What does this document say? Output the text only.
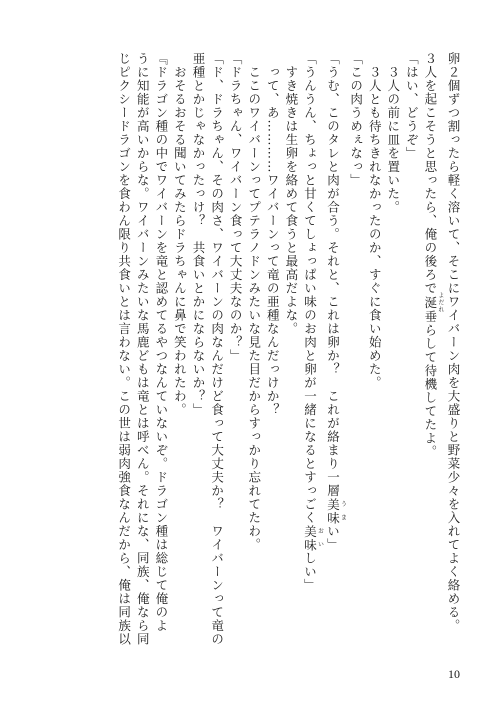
卵２個ずつ割ったら軽く溶いて、そこにワイバーン肉を大盛りと野菜少々を入れてよく絡める。
３人を起こそうと思ったら、俺の後ろで涎 よだれ垂らして待機してたよ。
「はい、どうぞ」
　３人の前に皿を置いた。
　３人とも待ちきれなかったのか、すぐに食い始めた。
「この肉うめぇなっ」
「うむ、このタレと肉が合う。それと、これは卵か？　これが絡まり一層美味 うまい」
「うんうん、ちょっと甘くてしょっぱい味のお肉と卵が一緒になるとすっごく美味 おいしい」
　すき焼きは生卵を絡めて食うと最高だよな。
　って、あ…………ワイバーンって竜の亜種なんだっけか？
　ここのワイバーンってプテラノドンみたいな見た目だからすっかり忘れてたわ。
「ドラちゃん、ワイバーン食って大丈夫なのか？」
「ド、ドラちゃん、その肉さ、ワイバーンの肉なんだけど食って大丈夫か？　ワイバーンって竜の
亜種とかじゃなかったっけ？　共食いとかにならないか？」
　おそるおそる聞いてみたらドラちゃんに鼻で笑われたわ。
『ドラゴン種の中でワイバーンを竜と認めてるやつなんていないぞ。ドラゴン種は総じて俺のよ
うに知能が高いからな。ワイバーンみたいな馬鹿どもは竜とは呼べん。それにな、同族、俺なら同
じピクシードラゴンを食わん限り共食いとは言わない。この世は弱肉強食なんだから、俺は同族以
10
